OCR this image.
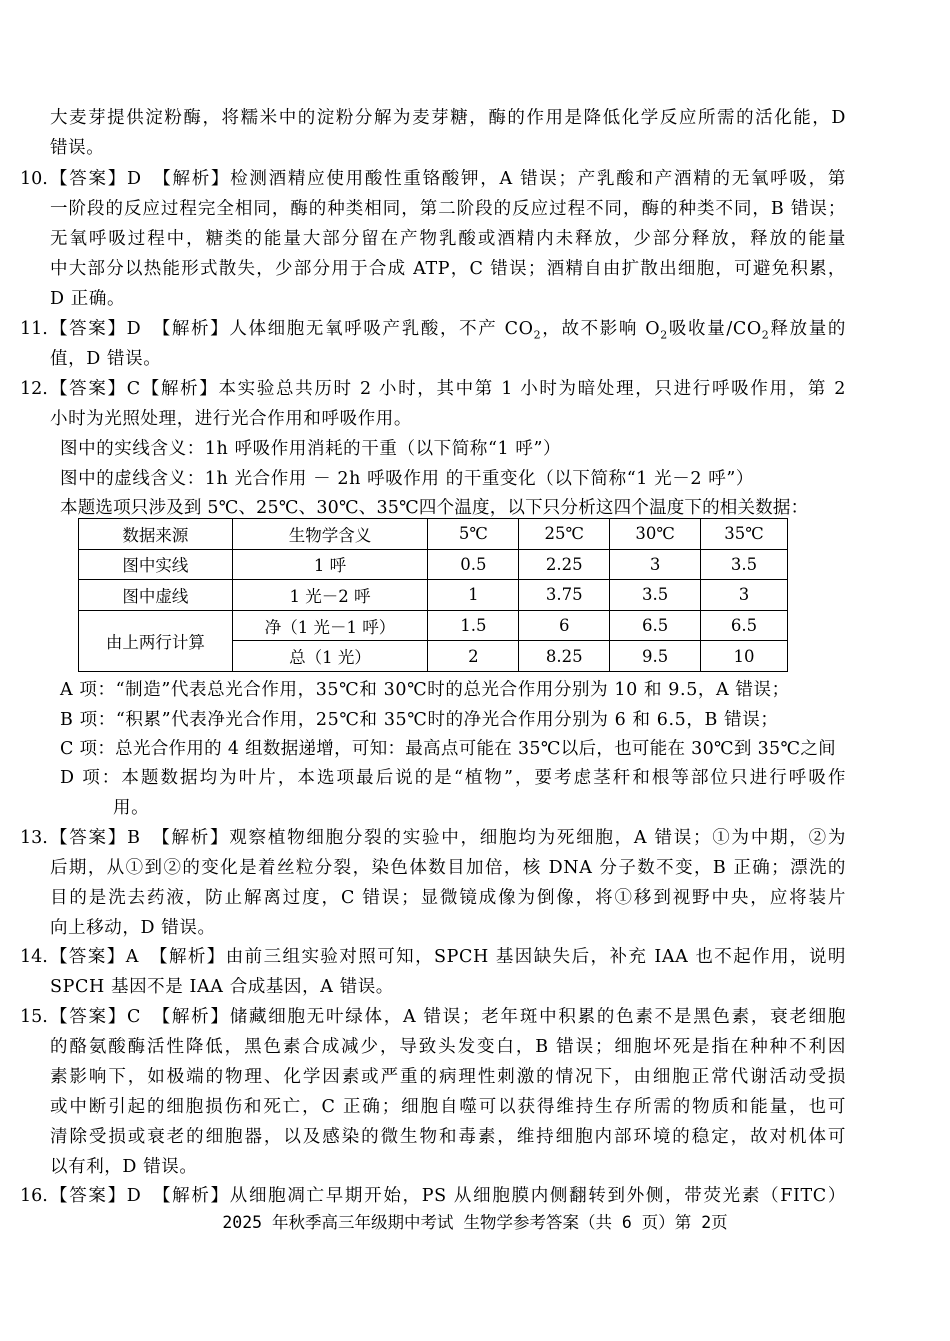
大麦芽提供淀粉酶，将糯米中的淀粉分解为麦芽糖，酶的作用是降低化学反应所需的活化能，D
错误。
10. 【答案】D　【解析】检测酒精应使用酸性重铬酸钾，A 错误；产乳酸和产酒精的无氧呼吸，第
一阶段的反应过程完全相同，酶的种类相同，第二阶段的反应过程不同，酶的种类不同，B 错误；
无氧呼吸过程中，糖类的能量大部分留在产物乳酸或酒精内未释放，少部分释放，释放的能量
中大部分以热能形式散失，少部分用于合成 ATP，C 错误；酒精自由扩散出细胞，可避免积累，
D 正确。
11. 【答案】D　【解析】人体细胞无氧呼吸产乳酸，不产 $CO_2$，故不影响 $O_2$吸收量$/CO_2$释放量的
值，D 错误。
12. 【答案】C【解析】本实验总共历时 2 小时，其中第 1 小时为暗处理，只进行呼吸作用，第 2
小时为光照处理，进行光合作用和呼吸作用。
图中的实线含义：1h 呼吸作用消耗的干重（以下简称“1 呼”）
图中的虚线含义：1h 光合作用 － 2h 呼吸作用 的干重变化（以下简称“1 光－2 呼”）
本题选项只涉及到 5℃、25℃、30℃、35℃四个温度，以下只分析这四个温度下的相关数据：
数据来源	生物学含义	5℃	25℃	30℃	35℃
图中实线	1 呼	0.5	2.25	3	3.5
图中虚线	1 光－2 呼	1	3.75	3.5	3
由上两行计算	净（1 光－1 呼）	1.5	6	6.5	6.5
	总（1 光）	2	8.25	9.5	10
A 项：“制造”代表总光合作用，35℃和 30℃时的总光合作用分别为 10 和 9.5，A 错误；
B 项：“积累”代表净光合作用，25℃和 35℃时的净光合作用分别为 6 和 6.5，B 错误；
C 项：总光合作用的 4 组数据递增，可知：最高点可能在 35℃以后，也可能在 30℃到 35℃之间
D 项：本题数据均为叶片，本选项最后说的是“植物”，要考虑茎秆和根等部位只进行呼吸作
用。
13. 【答案】B　【解析】观察植物细胞分裂的实验中，细胞均为死细胞，A 错误；①为中期，②为
后期，从①到②的变化是着丝粒分裂，染色体数目加倍，核 DNA 分子数不变，B 正确；漂洗的
目的是洗去药液，防止解离过度，C 错误；显微镜成像为倒像，将①移到视野中央，应将装片
向上移动，D 错误。
14. 【答案】A　【解析】由前三组实验对照可知，SPCH 基因缺失后，补充 IAA 也不起作用，说明
SPCH 基因不是 IAA 合成基因，A 错误。
15. 【答案】C　【解析】储藏细胞无叶绿体，A 错误；老年斑中积累的色素不是黑色素，衰老细胞
的酪氨酸酶活性降低，黑色素合成减少，导致头发变白，B 错误；细胞坏死是指在种种不利因
素影响下，如极端的物理、化学因素或严重的病理性刺激的情况下，由细胞正常代谢活动受损
或中断引起的细胞损伤和死亡，C 正确；细胞自噬可以获得维持生存所需的物质和能量，也可
清除受损或衰老的细胞器，以及感染的微生物和毒素，维持细胞内部环境的稳定，故对机体可
以有利，D 错误。
16. 【答案】D　【解析】从细胞凋亡早期开始，PS 从细胞膜内侧翻转到外侧，带荧光素（FITC）
2025 年秋季高三年级期中考试 生物学参考答案（共 6 页）第 2页
